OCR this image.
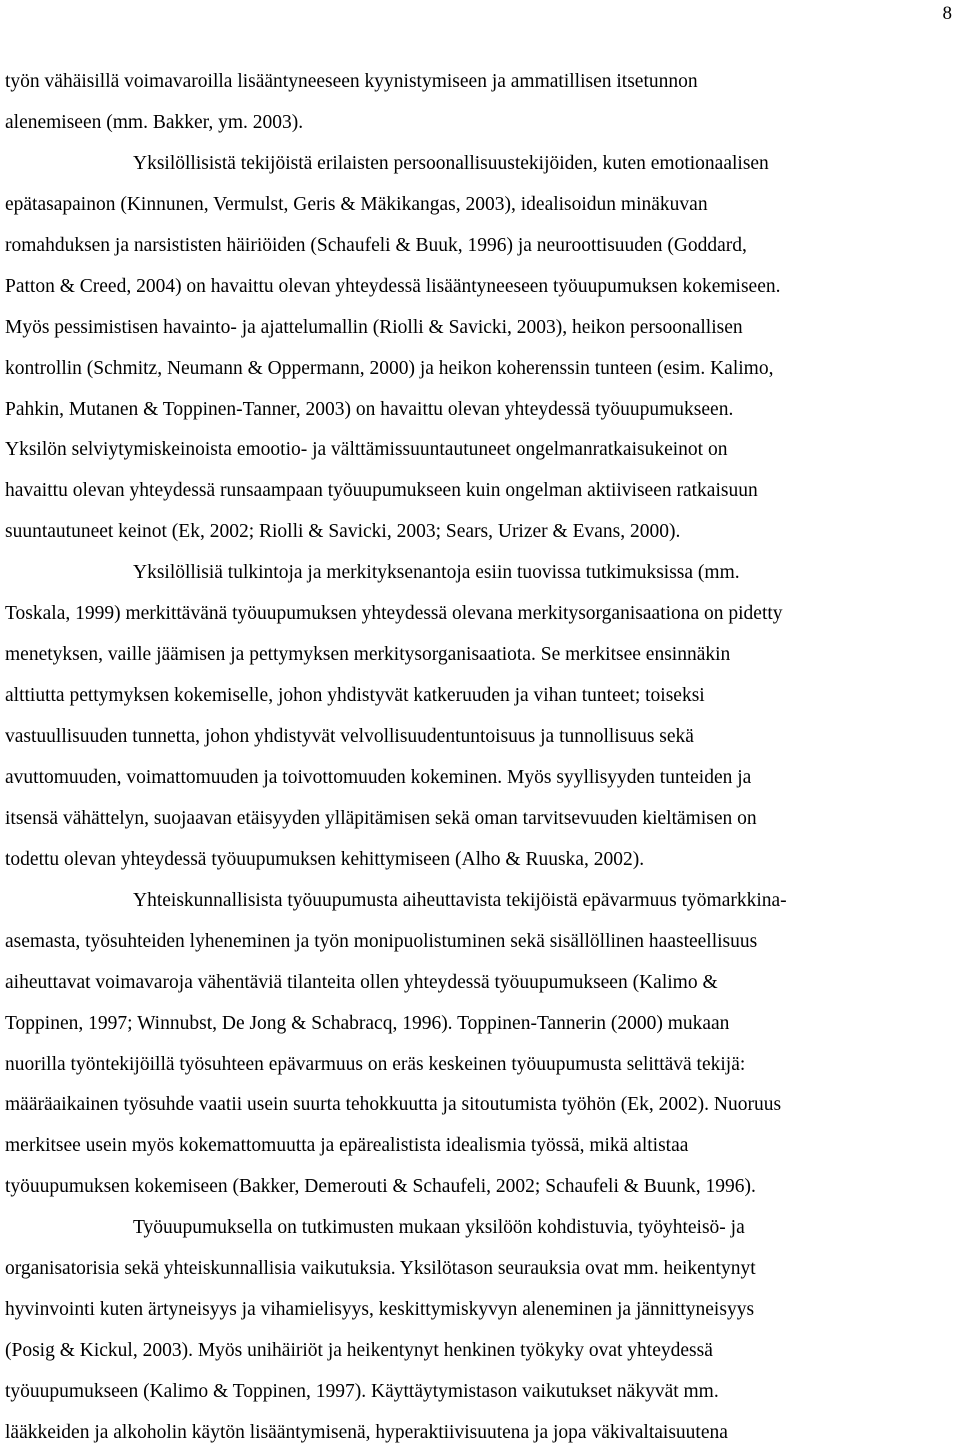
8
työn vähäisillä voimavaroilla lisääntyneeseen kyynistymiseen ja ammatillisen itsetunnon
alenemiseen (mm. Bakker, ym. 2003).
Yksilöllisistä tekijöistä erilaisten persoonallisuustekijöiden, kuten emotionaalisen
epätasapainon (Kinnunen, Vermulst, Geris & Mäkikangas, 2003), idealisoidun minäkuvan
romahduksen ja narsististen häiriöiden (Schaufeli & Buuk, 1996) ja neuroottisuuden (Goddard,
Patton & Creed, 2004) on havaittu olevan yhteydessä lisääntyneeseen työuupumuksen kokemiseen.
Myös pessimistisen havainto- ja ajattelumallin (Riolli & Savicki, 2003), heikon persoonallisen
kontrollin (Schmitz, Neumann & Oppermann, 2000) ja heikon koherenssin tunteen (esim. Kalimo,
Pahkin, Mutanen & Toppinen-Tanner, 2003) on havaittu olevan yhteydessä työuupumukseen.
Yksilön selviytymiskeinoista emootio- ja välttämissuuntautuneet ongelmanratkaisukeinot on
havaittu olevan yhteydessä runsaampaan työuupumukseen kuin ongelman aktiiviseen ratkaisuun
suuntautuneet keinot (Ek, 2002; Riolli & Savicki, 2003; Sears, Urizer & Evans, 2000).
Yksilöllisiä tulkintoja ja merkityksenantoja esiin tuovissa tutkimuksissa (mm.
Toskala, 1999) merkittävänä työuupumuksen yhteydessä olevana merkitysorganisaationa on pidetty
menetyksen, vaille jäämisen ja pettymyksen merkitysorganisaatiota. Se merkitsee ensinnäkin
alttiutta pettymyksen kokemiselle, johon yhdistyvät katkeruuden ja vihan tunteet; toiseksi
vastuullisuuden tunnetta, johon yhdistyvät velvollisuudentuntoisuus ja tunnollisuus sekä
avuttomuuden, voimattomuuden ja toivottomuuden kokeminen. Myös syyllisyyden tunteiden ja
itsensä vähättelyn, suojaavan etäisyyden ylläpitämisen sekä oman tarvitsevuuden kieltämisen on
todettu olevan yhteydessä työuupumuksen kehittymiseen (Alho & Ruuska, 2002).
Yhteiskunnallisista työuupumusta aiheuttavista tekijöistä epävarmuus työmarkkina-
asemasta, työsuhteiden lyheneminen ja työn monipuolistuminen sekä sisällöllinen haasteellisuus
aiheuttavat voimavaroja vähentäviä tilanteita ollen yhteydessä työuupumukseen (Kalimo &
Toppinen, 1997; Winnubst, De Jong & Schabracq, 1996). Toppinen-Tannerin (2000) mukaan
nuorilla työntekijöillä työsuhteen epävarmuus on eräs keskeinen työuupumusta selittävä tekijä:
määräaikainen työsuhde vaatii usein suurta tehokkuutta ja sitoutumista työhön (Ek, 2002). Nuoruus
merkitsee usein myös kokemattomuutta ja epärealistista idealismia työssä, mikä altistaa
työuupumuksen kokemiseen (Bakker, Demerouti & Schaufeli, 2002; Schaufeli & Buunk, 1996).
Työuupumuksella on tutkimusten mukaan yksilöön kohdistuvia, työyhteisö- ja
organisatorisia sekä yhteiskunnallisia vaikutuksia. Yksilötason seurauksia ovat mm. heikentynyt
hyvinvointi kuten ärtyneisyys ja vihamielisyys, keskittymiskyvyn aleneminen ja jännittyneisyys
(Posig & Kickul, 2003). Myös unihäiriöt ja heikentynyt henkinen työkyky ovat yhteydessä
työuupumukseen (Kalimo & Toppinen, 1997). Käyttäytymistason vaikutukset näkyvät mm.
lääkkeiden ja alkoholin käytön lisääntymisenä, hyperaktiivisuutena ja jopa väkivaltaisuutena
